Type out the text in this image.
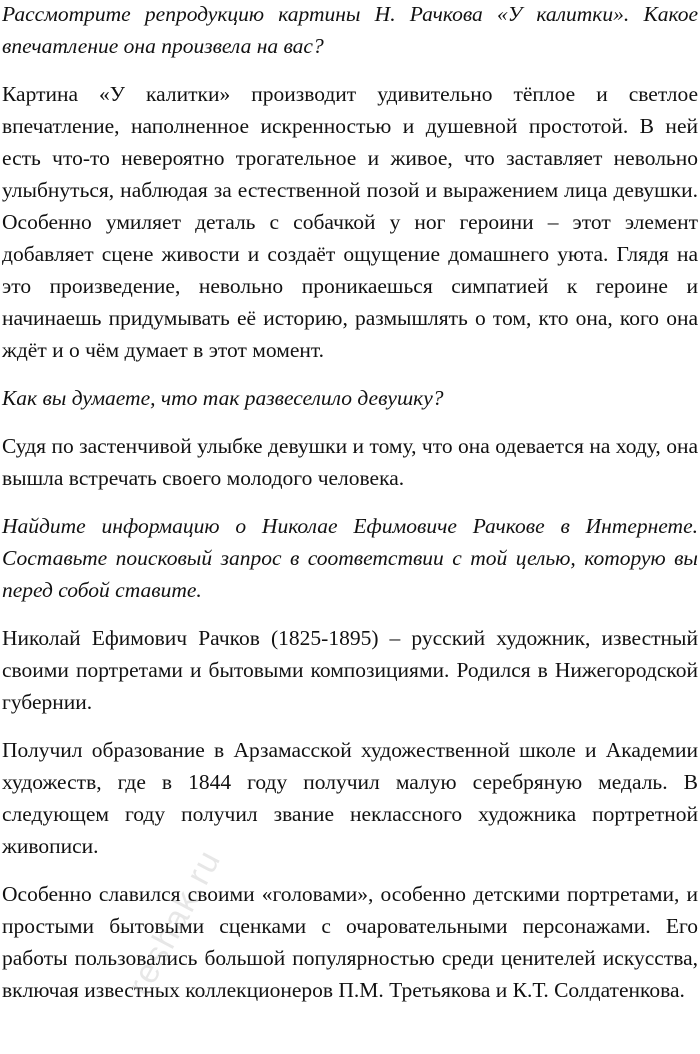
Рассмотрите репродукцию картины Н. Рачкова «У калитки». Какое впечатление она произвела на вас?

Картина «У калитки» производит удивительно тёплое и светлое впечатление, наполненное искренностью и душевной простотой. В ней есть что-то невероятно трогательное и живое, что заставляет невольно улыбнуться, наблюдая за естественной позой и выражением лица девушки. Особенно умиляет деталь с собачкой у ног героини – этот элемент добавляет сцене живости и создаёт ощущение домашнего уюта. Глядя на это произведение, невольно проникаешься симпатией к героине и начинаешь придумывать её историю, размышлять о том, кто она, кого она ждёт и о чём думает в этот момент.

Как вы думаете, что так развеселило девушку?

Судя по застенчивой улыбке девушки и тому, что она одевается на ходу, она вышла встречать своего молодого человека.

Найдите информацию о Николае Ефимовиче Рачкове в Интернете. Составьте поисковый запрос в соответствии с той целью, которую вы перед собой ставите.

Николай Ефимович Рачков (1825-1895) – русский художник, известный своими портретами и бытовыми композициями. Родился в Нижегородской губернии.

Получил образование в Арзамасской художественной школе и Академии художеств, где в 1844 году получил малую серебряную медаль. В следующем году получил звание неклассного художника портретной живописи.

Особенно славился своими «головами», особенно детскими портретами, и простыми бытовыми сценками с очаровательными персонажами. Его работы пользовались большой популярностью среди ценителей искусства, включая известных коллекционеров П.М. Третьякова и К.Т. Солдатенкова.

reshak.ru
